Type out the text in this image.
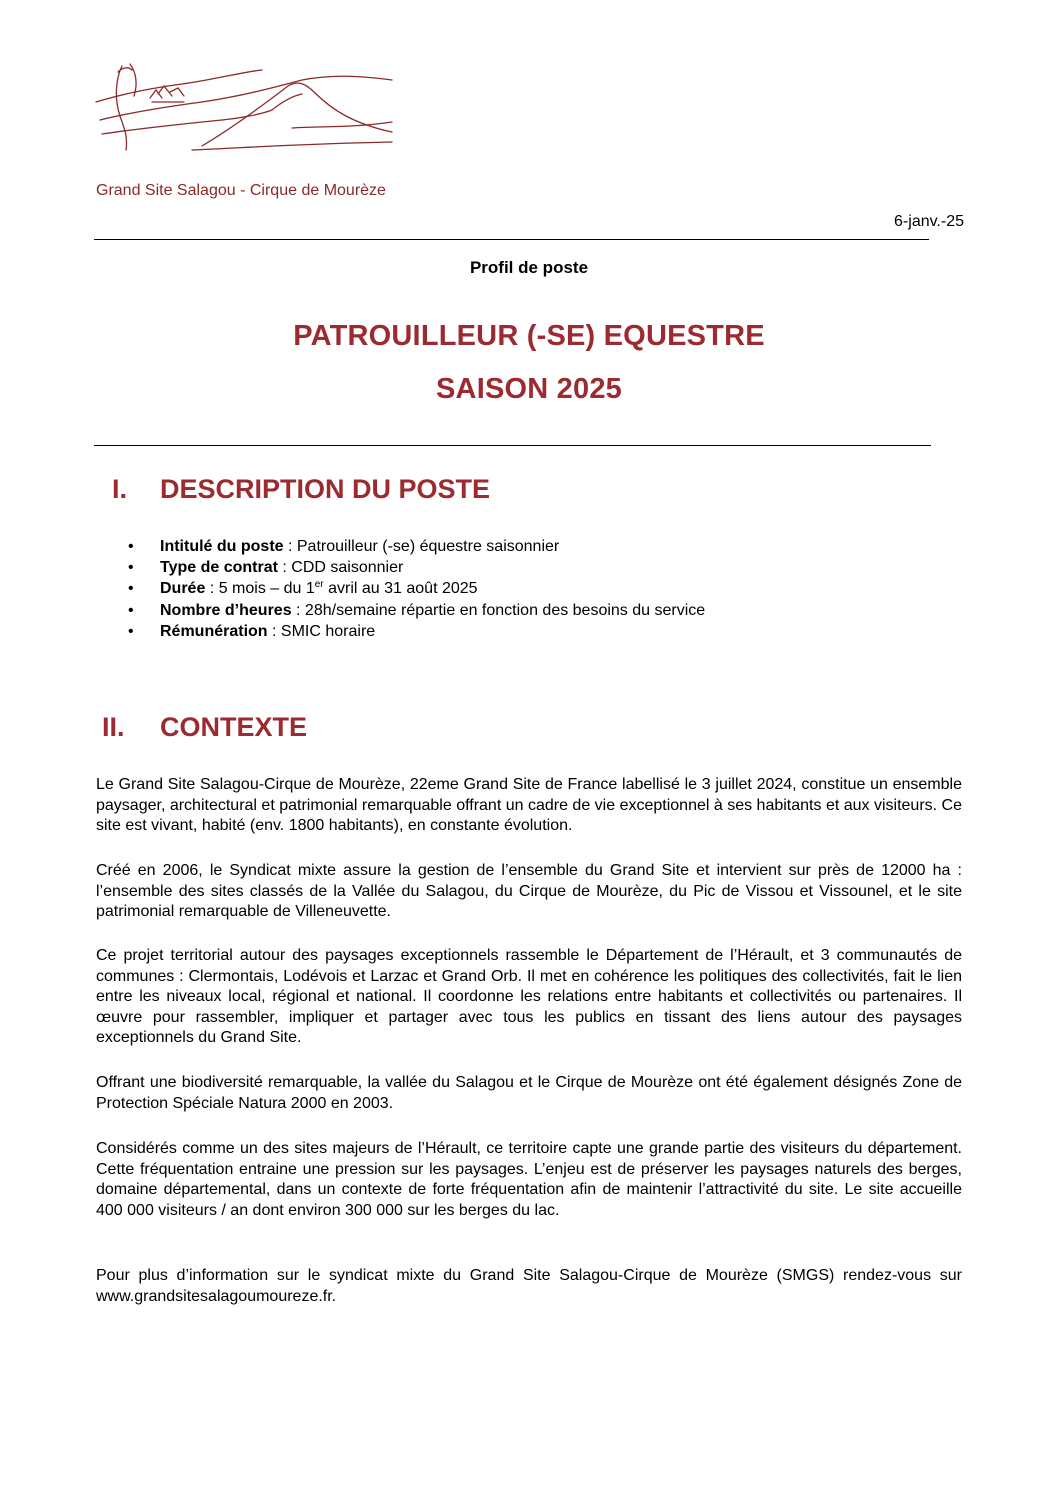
Grand Site Salagou - Cirque de Mourèze
6-janv.-25
Profil de poste
PATROUILLEUR (-SE) EQUESTRE
SAISON 2025
I. DESCRIPTION DU POSTE
• Intitulé du poste : Patrouilleur (-se) équestre saisonnier
• Type de contrat : CDD saisonnier
• Durée : 5 mois – du 1er avril au 31 août 2025
• Nombre d’heures : 28h/semaine répartie en fonction des besoins du service
• Rémunération : SMIC horaire
II. CONTEXTE

Le Grand Site Salagou-Cirque de Mourèze, 22eme Grand Site de France labellisé le 3 juillet 2024, constitue un ensemble paysager, architectural et patrimonial remarquable offrant un cadre de vie exceptionnel à ses habitants et aux visiteurs. Ce site est vivant, habité (env. 1800 habitants), en constante évolution.

Créé en 2006, le Syndicat mixte assure la gestion de l’ensemble du Grand Site et intervient sur près de 12000 ha : l’ensemble des sites classés de la Vallée du Salagou, du Cirque de Mourèze, du Pic de Vissou et Vissounel, et le site patrimonial remarquable de Villeneuvette.

Ce projet territorial autour des paysages exceptionnels rassemble le Département de l’Hérault, et 3 communautés de communes : Clermontais, Lodévois et Larzac et Grand Orb. Il met en cohérence les politiques des collectivités, fait le lien entre les niveaux local, régional et national. Il coordonne les relations entre habitants et collectivités ou partenaires. Il œuvre pour rassembler, impliquer et partager avec tous les publics en tissant des liens autour des paysages exceptionnels du Grand Site.

Offrant une biodiversité remarquable, la vallée du Salagou et le Cirque de Mourèze ont été également désignés Zone de Protection Spéciale Natura 2000 en 2003.

Considérés comme un des sites majeurs de l’Hérault, ce territoire capte une grande partie des visiteurs du département. Cette fréquentation entraine une pression sur les paysages. L’enjeu est de préserver les paysages naturels des berges, domaine départemental, dans un contexte de forte fréquentation afin de maintenir l’attractivité du site. Le site accueille 400 000 visiteurs / an dont environ 300 000 sur les berges du lac.

Pour plus d’information sur le syndicat mixte du Grand Site Salagou-Cirque de Mourèze (SMGS) rendez-vous sur www.grandsitesalagoumoureze.fr.
